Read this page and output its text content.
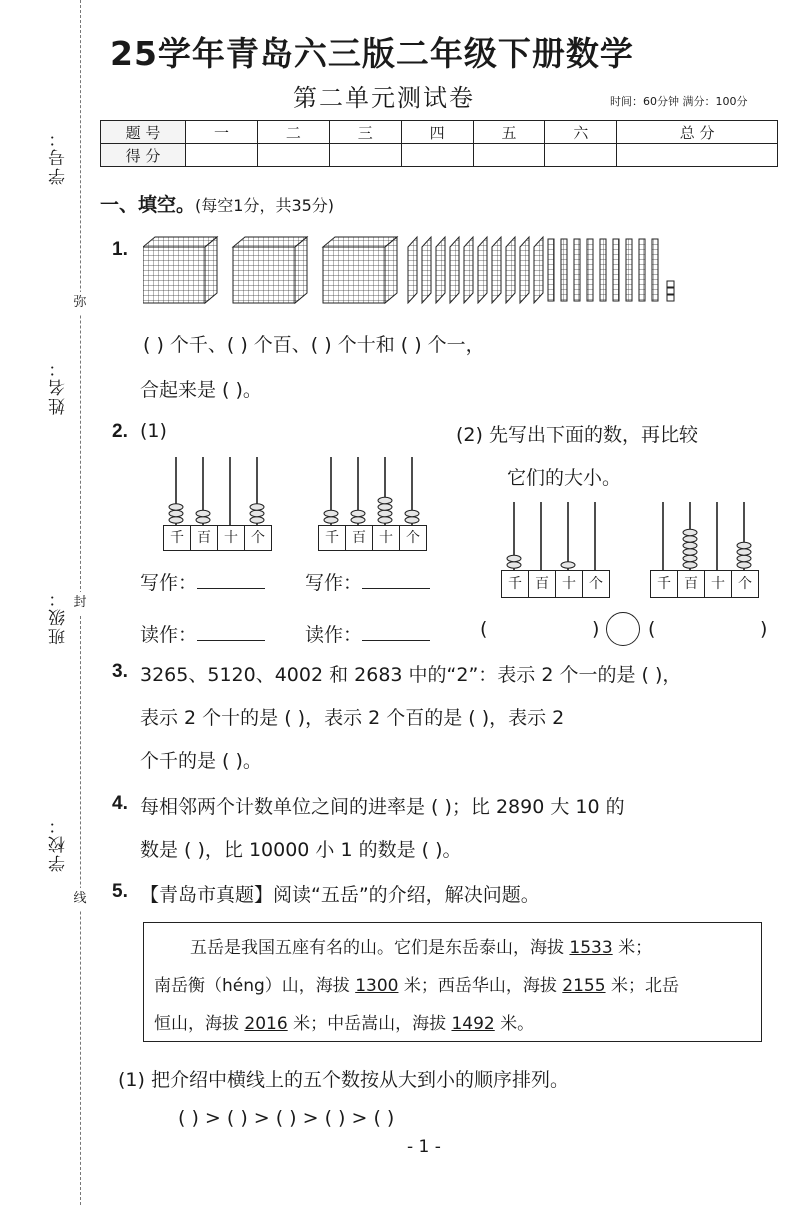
学号：
姓名：
班级：
学校：
弥
封
线
25学年青岛六三版二年级下册数学
第二单元测试卷	时间：60分钟 满分：100分
题 号	一	二	三	四	五	六	总 分
得 分							
一、填空。(每空1分，共35分)
1.
( ) 个千、( ) 个百、( ) 个十和 ( ) 个一，
合起来是 ( )。
2. (1)	(2) 先写出下面的数，再比较
它们的大小。
千 百 十 个	千 百 十 个
千 百 十 个	千 百 十 个
写作：	写作：
读作：	读作：	(	)	(	)
3. 3265、5120、4002 和 2683 中的“2”：表示 2 个一的是 ( )，
表示 2 个十的是 ( )，表示 2 个百的是 ( )，表示 2
个千的是 ( )。
4. 每相邻两个计数单位之间的进率是 ( )；比 2890 大 10 的
数是 ( )，比 10000 小 1 的数是 ( )。
5. 【青岛市真题】阅读“五岳”的介绍，解决问题。

五岳是我国五座有名的山。它们是东岳泰山，海拔 1533 米；

南岳衡（héng）山，海拔 1300 米；西岳华山，海拔 2155 米；北岳

恒山，海拔 2016 米；中岳嵩山，海拔 1492 米。

(1) 把介绍中横线上的五个数按从大到小的顺序排列。
( ) > ( ) > ( ) > ( ) > ( )
- 1 -
